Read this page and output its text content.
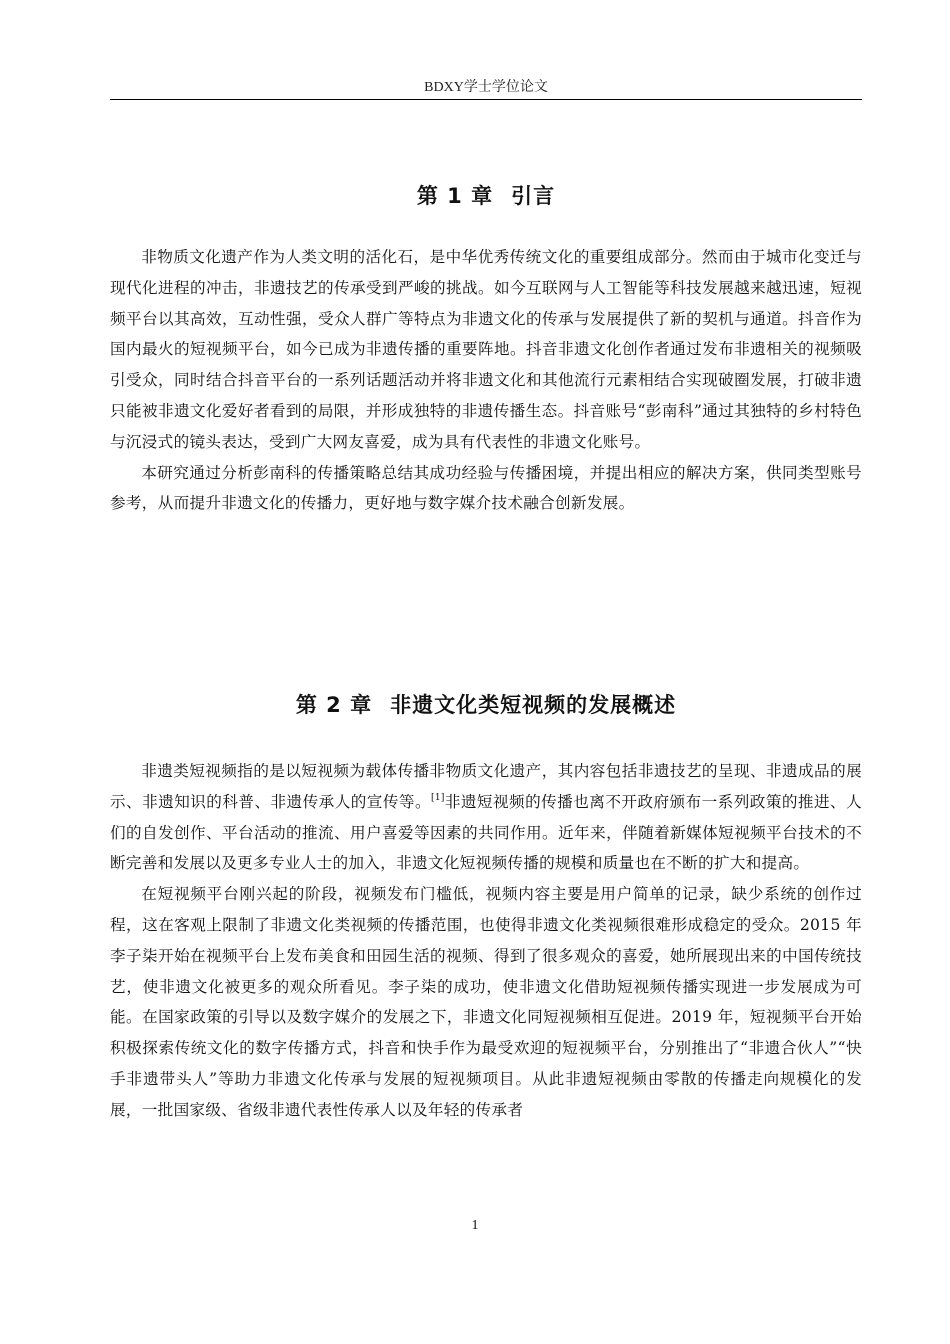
BDXY学士学位论文
第 1 章 引言

非物质文化遗产作为人类文明的活化石，是中华优秀传统文化的重要组成部分。然而由于城市化变迁与现代化进程的冲击，非遗技艺的传承受到严峻的挑战。如今互联网与人工智能等科技发展越来越迅速，短视频平台以其高效，互动性强，受众人群广等特点为非遗文化的传承与发展提供了新的契机与通道。抖音作为国内最火的短视频平台，如今已成为非遗传播的重要阵地。抖音非遗文化创作者通过发布非遗相关的视频吸引受众，同时结合抖音平台的一系列话题活动并将非遗文化和其他流行元素相结合实现破圈发展，打破非遗只能被非遗文化爱好者看到的局限，并形成独特的非遗传播生态。抖音账号“彭南科”通过其独特的乡村特色与沉浸式的镜头表达，受到广大网友喜爱，成为具有代表性的非遗文化账号。

本研究通过分析彭南科的传播策略总结其成功经验与传播困境，并提出相应的解决方案，供同类型账号参考，从而提升非遗文化的传播力，更好地与数字媒介技术融合创新发展。

第 2 章 非遗文化类短视频的发展概述

非遗类短视频指的是以短视频为载体传播非物质文化遗产，其内容包括非遗技艺的呈现、非遗成品的展示、非遗知识的科普、非遗传承人的宣传等。[1]非遗短视频的传播也离不开政府颁布一系列政策的推进、人们的自发创作、平台活动的推流、用户喜爱等因素的共同作用。近年来，伴随着新媒体短视频平台技术的不断完善和发展以及更多专业人士的加入，非遗文化短视频传播的规模和质量也在不断的扩大和提高。

在短视频平台刚兴起的阶段，视频发布门槛低，视频内容主要是用户简单的记录，缺少系统的创作过程，这在客观上限制了非遗文化类视频的传播范围，也使得非遗文化类视频很难形成稳定的受众。2015 年李子柒开始在视频平台上发布美食和田园生活的视频、得到了很多观众的喜爱，她所展现出来的中国传统技艺，使非遗文化被更多的观众所看见。李子柒的成功，使非遗文化借助短视频传播实现进一步发展成为可能。在国家政策的引导以及数字媒介的发展之下，非遗文化同短视频相互促进。2019 年，短视频平台开始积极探索传统文化的数字传播方式，抖音和快手作为最受欢迎的短视频平台，分别推出了“非遗合伙人”“快手非遗带头人”等助力非遗文化传承与发展的短视频项目。从此非遗短视频由零散的传播走向规模化的发展，一批国家级、省级非遗代表性传承人以及年轻的传承者

1
